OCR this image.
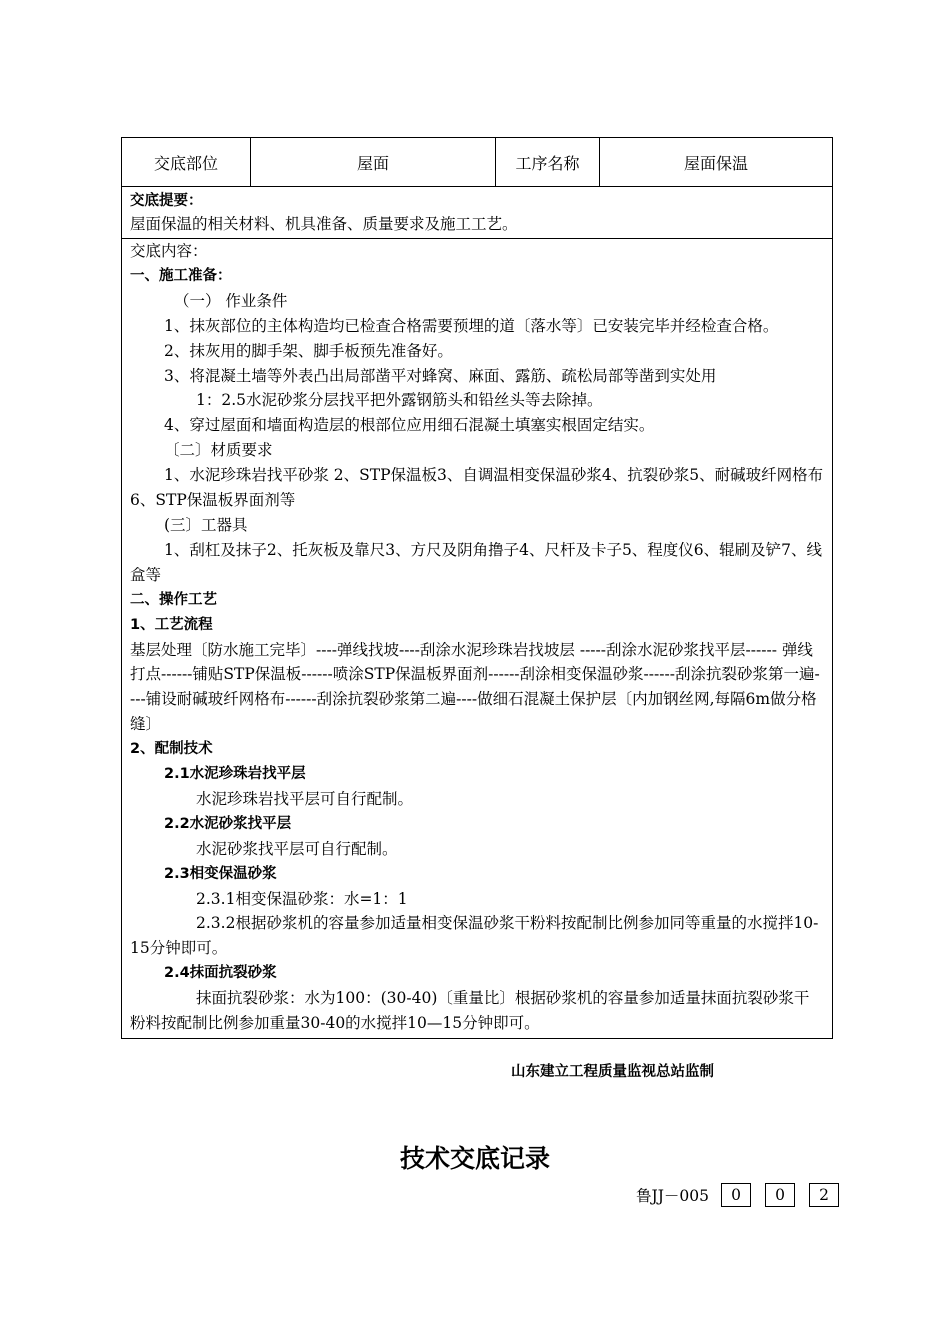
交底部位	屋面	工序名称	屋面保温
交底提要：
屋面保温的相关材料、机具准备、质量要求及施工工艺。
交底内容：
一、施工准备：
（一） 作业条件

1、抹灰部位的主体构造均已检查合格需要预埋的道〔落水等〕已安装完毕并经检查合格。

2、抹灰用的脚手架、脚手板预先准备好。
3、将混凝土墙等外表凸出局部凿平对蜂窝、麻面、露筋、疏松局部等凿到实处用
1：2.5水泥砂浆分层找平把外露钢筋头和铅丝头等去除掉。
4、穿过屋面和墙面构造层的根部位应用细石混凝土填塞实根固定结实。
〔二〕材质要求

1、水泥珍珠岩找平砂浆 2、STP保温板3、自调温相变保温砂浆4、抗裂砂浆5、耐碱玻纤网格布 6、STP保温板界面剂等

(三〕工器具

1、刮杠及抹子2、托灰板及靠尺3、方尺及阴角撸子4、尺杆及卡子5、程度仪6、辊刷及铲7、线盒等

二、操作工艺
1、工艺流程

基层处理〔防水施工完毕〕----弹线找坡----刮涂水泥珍珠岩找坡层 -----刮涂水泥砂浆找平层------ 弹线打点------铺贴STP保温板------喷涂STP保温板界面剂------刮涂相变保温砂浆------刮涂抗裂砂浆第一遍----铺设耐碱玻纤网格布------刮涂抗裂砂浆第二遍----做细石混凝土保护层〔内加钢丝网,每隔6m做分格缝〕

2、配制技术
2.1水泥珍珠岩找平层
水泥珍珠岩找平层可自行配制。
2.2水泥砂浆找平层
水泥砂浆找平层可自行配制。
2.3相变保温砂浆
2.3.1相变保温砂浆：水=1：1

2.3.2根据砂浆机的容量参加适量相变保温砂浆干粉料按配制比例参加同等重量的水搅拌10-15分钟即可。

2.4抹面抗裂砂浆

抹面抗裂砂浆：水为100：(30-40)〔重量比〕根据砂浆机的容量参加适量抹面抗裂砂浆干粉料按配制比例参加重量30-40的水搅拌10—15分钟即可。

山东建立工程质量监视总站监制
技术交底记录
鲁JJ－005	0	0	2
